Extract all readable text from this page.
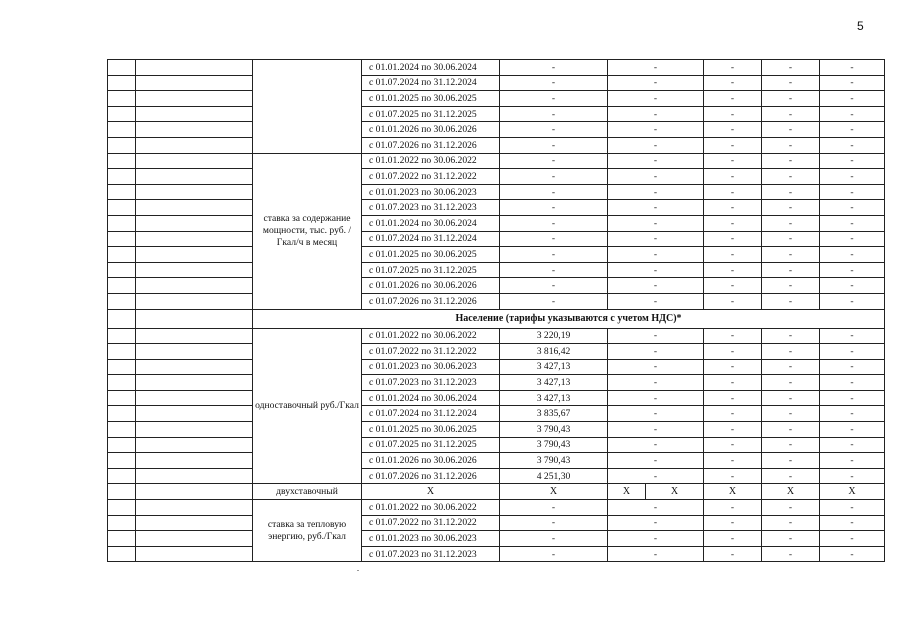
5
			с 01.01.2024 по 30.06.2024	-	-		-	-	-	
			с 01.07.2024 по 31.12.2024	-	-		-	-	-	
			с 01.01.2025 по 30.06.2025	-	-		-	-	-	
			с 01.07.2025 по 31.12.2025	-	-		-	-	-	
			с 01.01.2026 по 30.06.2026	-	-		-	-	-	
			с 01.07.2026 по 31.12.2026	-	-		-	-	-	
		ставка за содержание мощности, тыс. руб. /Гкал/ч в месяц	с 01.01.2022 по 30.06.2022	-	-		-	-	-	
			с 01.07.2022 по 31.12.2022	-	-		-	-	-	
			с 01.01.2023 по 30.06.2023	-	-		-	-	-	
			с 01.07.2023 по 31.12.2023	-	-		-	-	-	
			с 01.01.2024 по 30.06.2024	-	-		-	-	-	
			с 01.07.2024 по 31.12.2024	-	-		-	-	-	
			с 01.01.2025 по 30.06.2025	-	-		-	-	-	
			с 01.07.2025 по 31.12.2025	-	-		-	-	-	
			с 01.01.2026 по 30.06.2026	-	-		-	-	-	
			с 01.07.2026 по 31.12.2026	-	-		-	-	-	
		Население (тарифы указываются с учетом НДС)*								
		одноставочный руб./Гкал	с 01.01.2022 по 30.06.2022	3 220,19	-		-	-	-	
			с 01.07.2022 по 31.12.2022	3 816,42	-		-	-	-	
			с 01.01.2023 по 30.06.2023	3 427,13	-		-	-	-	
			с 01.07.2023 по 31.12.2023	3 427,13	-		-	-	-	
			с 01.01.2024 по 30.06.2024	3 427,13	-		-	-	-	
			с 01.07.2024 по 31.12.2024	3 835,67	-		-	-	-	
			с 01.01.2025 по 30.06.2025	3 790,43	-		-	-	-	
			с 01.07.2025 по 31.12.2025	3 790,43	-		-	-	-	
			с 01.01.2026 по 30.06.2026	3 790,43	-		-	-	-	
			с 01.07.2026 по 31.12.2026	4 251,30	-		-	-	-	
		двухставочный	X	X	X	X	X	X	X	
		ставка за тепловую энергию, руб./Гкал	с 01.01.2022 по 30.06.2022	-	-		-	-	-	
			с 01.07.2022 по 31.12.2022	-	-		-	-	-	
			с 01.01.2023 по 30.06.2023	-	-		-	-	-	
			с 01.07.2023 по 31.12.2023	-	-		-	-	-	
